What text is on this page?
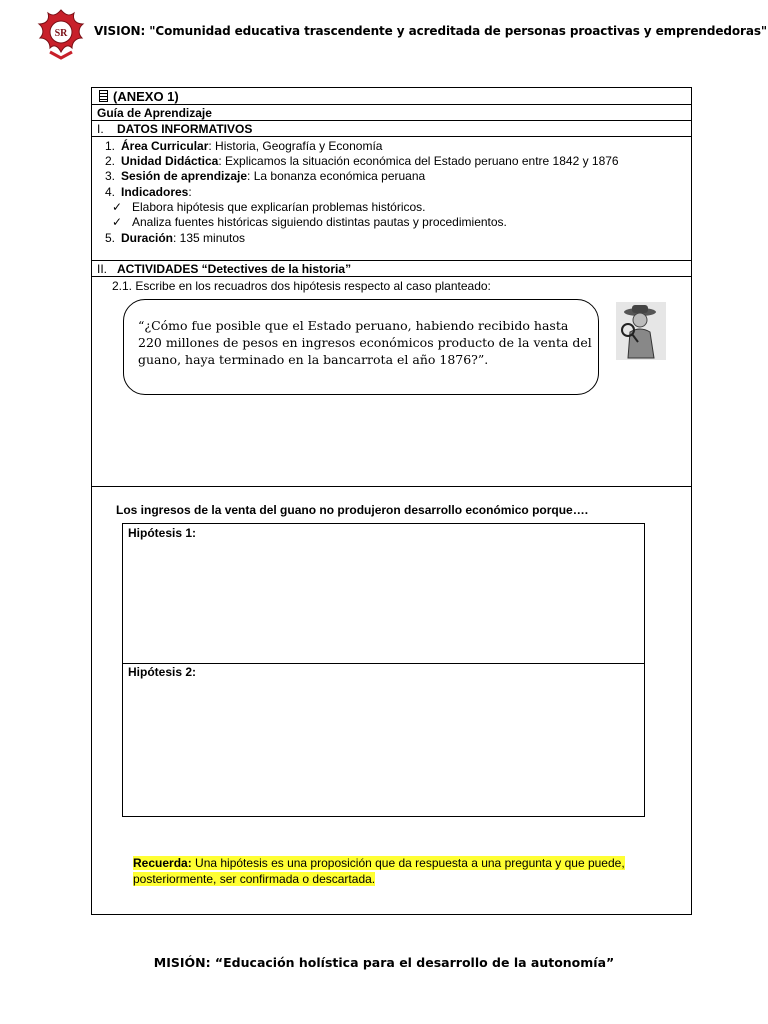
SR VISION: "Comunidad educativa trascendente y acreditada de personas proactivas y emprendedoras"
(ANEXO 1)
Guía de Aprendizaje
I. DATOS INFORMATIVOS
1. Área Curricular: Historia, Geografía y Economía
2. Unidad Didáctica: Explicamos la situación económica del Estado peruano entre 1842 y 1876
3. Sesión de aprendizaje: La bonanza económica peruana
4. Indicadores:
✓ Elabora hipótesis que explicarían problemas históricos.
✓ Analiza fuentes históricas siguiendo distintas pautas y procedimientos.
5. Duración: 135 minutos
II. ACTIVIDADES “Detectives de la historia”
2.1. Escribe en los recuadros dos hipótesis respecto al caso planteado:
“¿Cómo fue posible que el Estado peruano, habiendo recibido hasta 220 millones de pesos en ingresos económicos producto de la venta del guano, haya terminado en la bancarrota el año 1876?”.
Los ingresos de la venta del guano no produjeron desarrollo económico porque….
Hipótesis 1:
Hipótesis 2:
Recuerda: Una hipótesis es una proposición que da respuesta a una pregunta y que puede, posteriormente, ser confirmada o descartada.
MISIÓN: “Educación holística para el desarrollo de la autonomía”
